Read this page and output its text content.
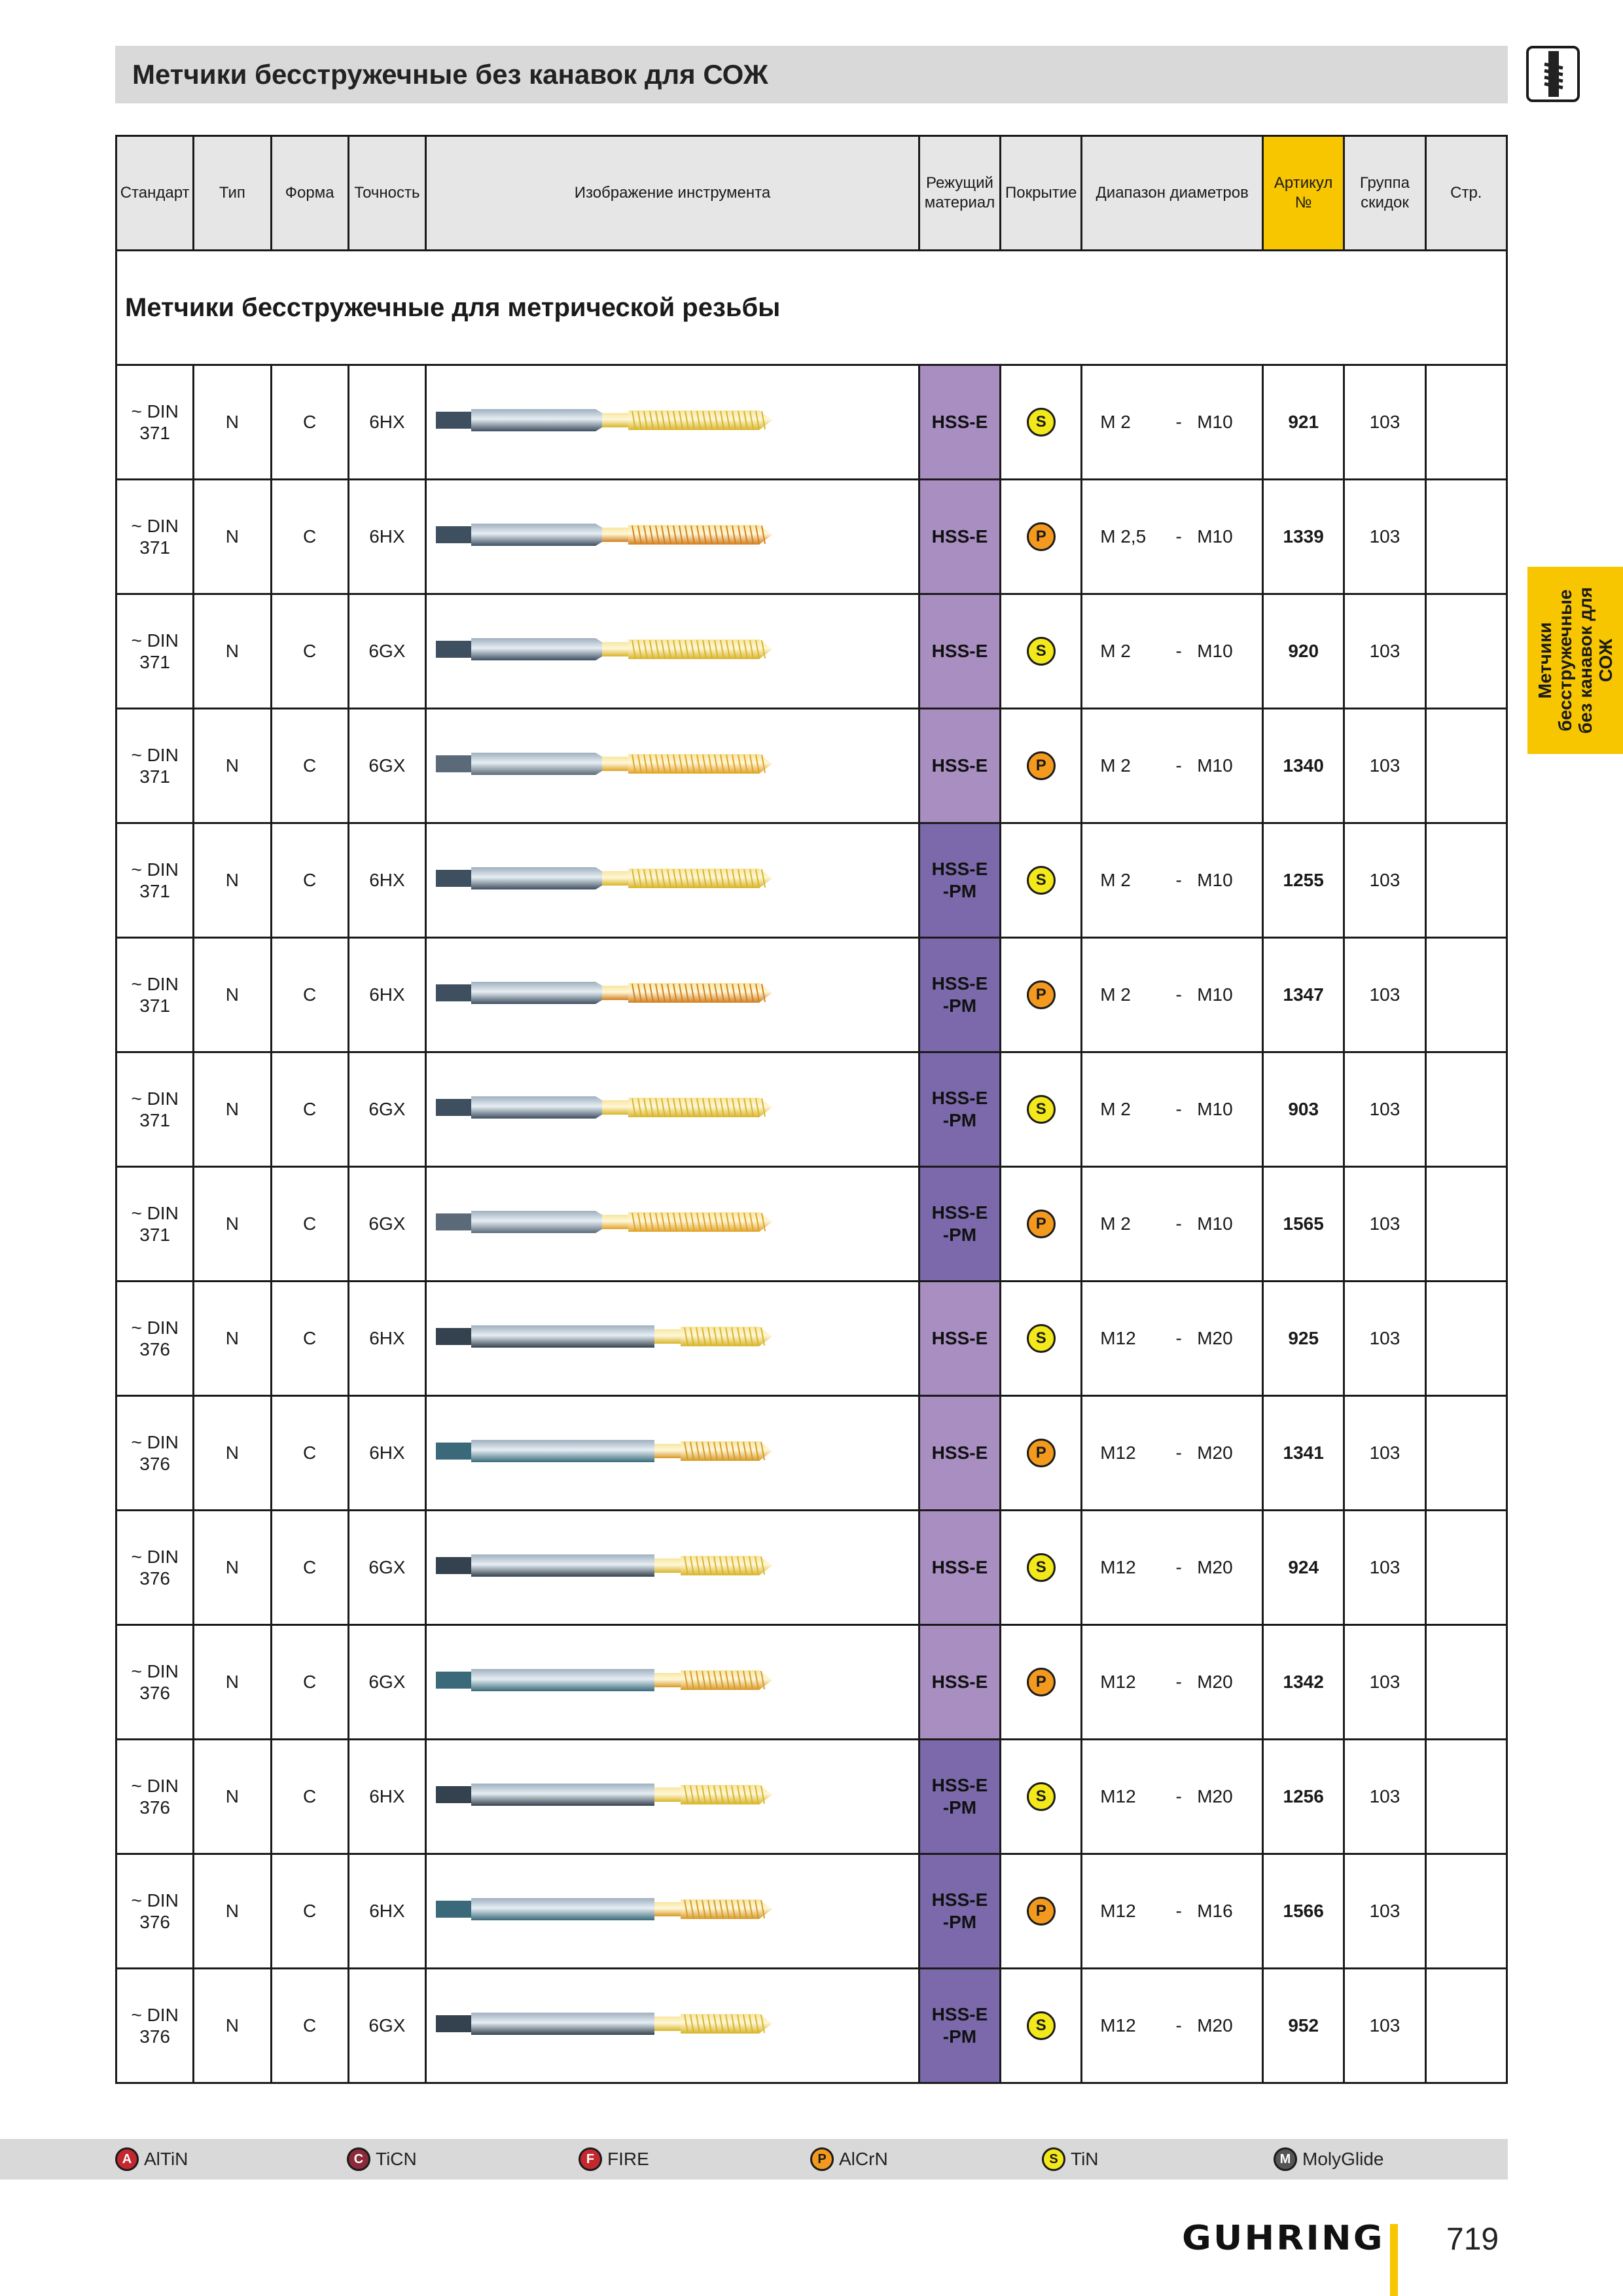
Метчики бесстружечные без канавок для СОЖ
Метчики бесстружечные без канавок для СОЖ
Стандарт	Тип	Форма	Точность	Изображение инструмента	Режущий материал	Покрытие	Диапазон диаметров	Артикул №	Группа скидок	Стр.
Метчики бесстружечные для метрической резьбы										
~ DIN 371	N	C	6HX		HSS-E	S	M 2 - M10	921	103	
~ DIN 371	N	C	6HX		HSS-E	P	M 2,5 - M10	1339	103	
~ DIN 371	N	C	6GX		HSS-E	S	M 2 - M10	920	103	
~ DIN 371	N	C	6GX		HSS-E	P	M 2 - M10	1340	103	
~ DIN 371	N	C	6HX		HSS-E-PM	S	M 2 - M10	1255	103	
~ DIN 371	N	C	6HX		HSS-E-PM	P	M 2 - M10	1347	103	
~ DIN 371	N	C	6GX		HSS-E-PM	S	M 2 - M10	903	103	
~ DIN 371	N	C	6GX		HSS-E-PM	P	M 2 - M10	1565	103	
~ DIN 376	N	C	6HX		HSS-E	S	M12 - M20	925	103	
~ DIN 376	N	C	6HX		HSS-E	P	M12 - M20	1341	103	
~ DIN 376	N	C	6GX		HSS-E	S	M12 - M20	924	103	
~ DIN 376	N	C	6GX		HSS-E	P	M12 - M20	1342	103	
~ DIN 376	N	C	6HX		HSS-E-PM	S	M12 - M20	1256	103	
~ DIN 376	N	C	6HX		HSS-E-PM	P	M12 - M16	1566	103	
~ DIN 376	N	C	6GX		HSS-E-PM	S	M12 - M20	952	103	
A AlTiN	C TiCN	F FIRE	P AlCrN	S TiN	M MolyGlide
GUHRING 719
